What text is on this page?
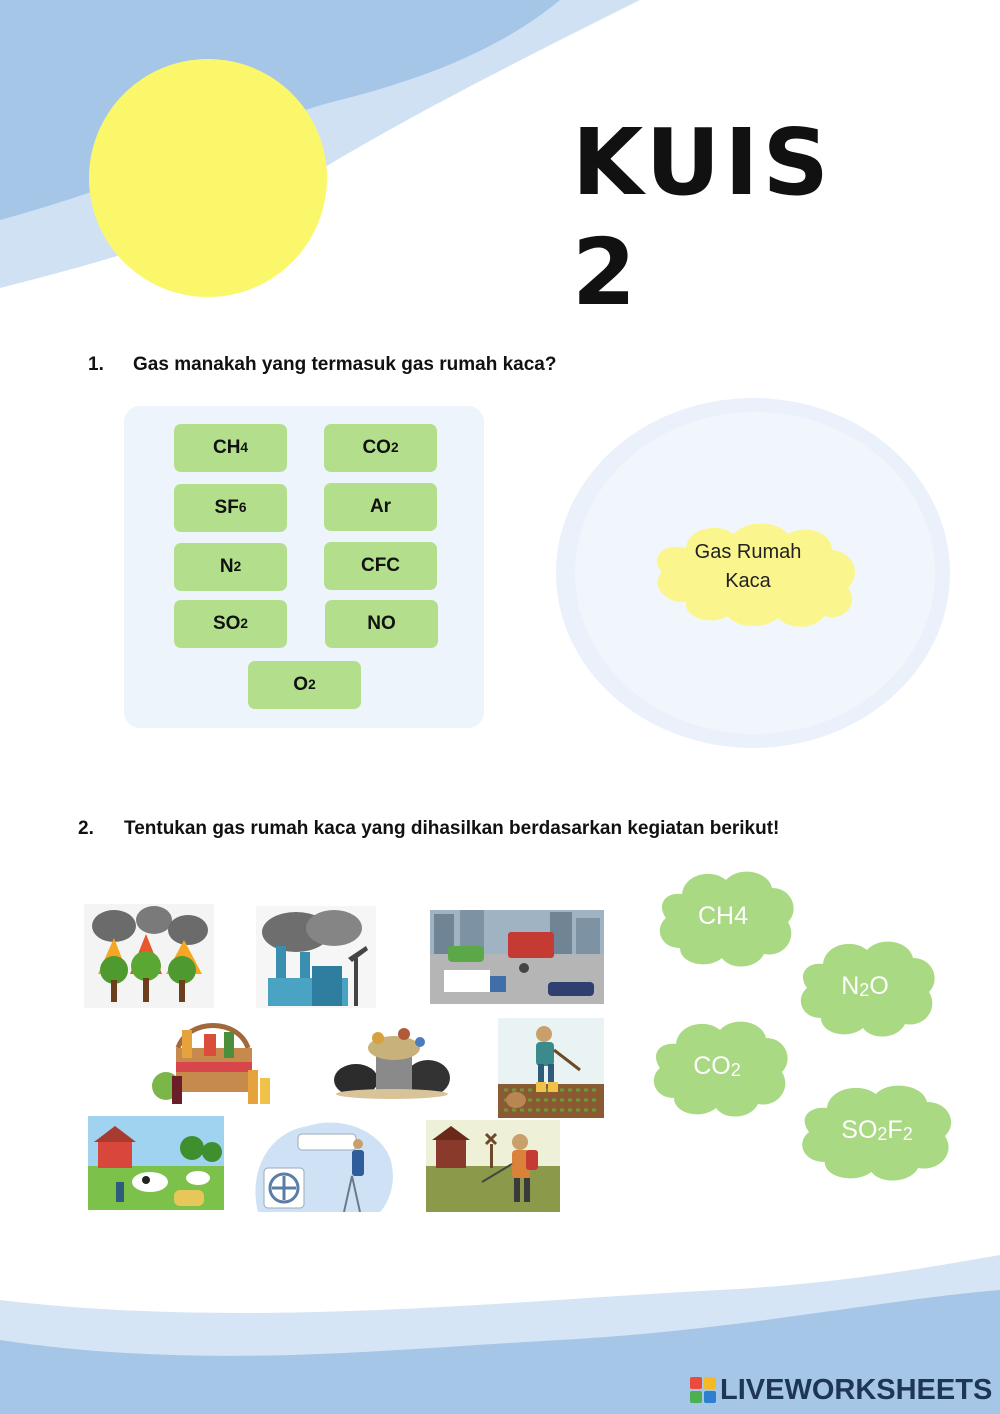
KUIS 2
1.	Gas manakah yang termasuk gas rumah kaca?
CH 4	CO 2
SF 6	Ar
N 2	CFC
SO 2	NO
O 2
Gas Rumah
Kaca
2.	Tentukan gas rumah kaca yang dihasilkan berdasarkan kegiatan berikut!
CH4
$N_2O$
$CO_2$
$SO_2F_2$
LIVEWORKSHEETS
